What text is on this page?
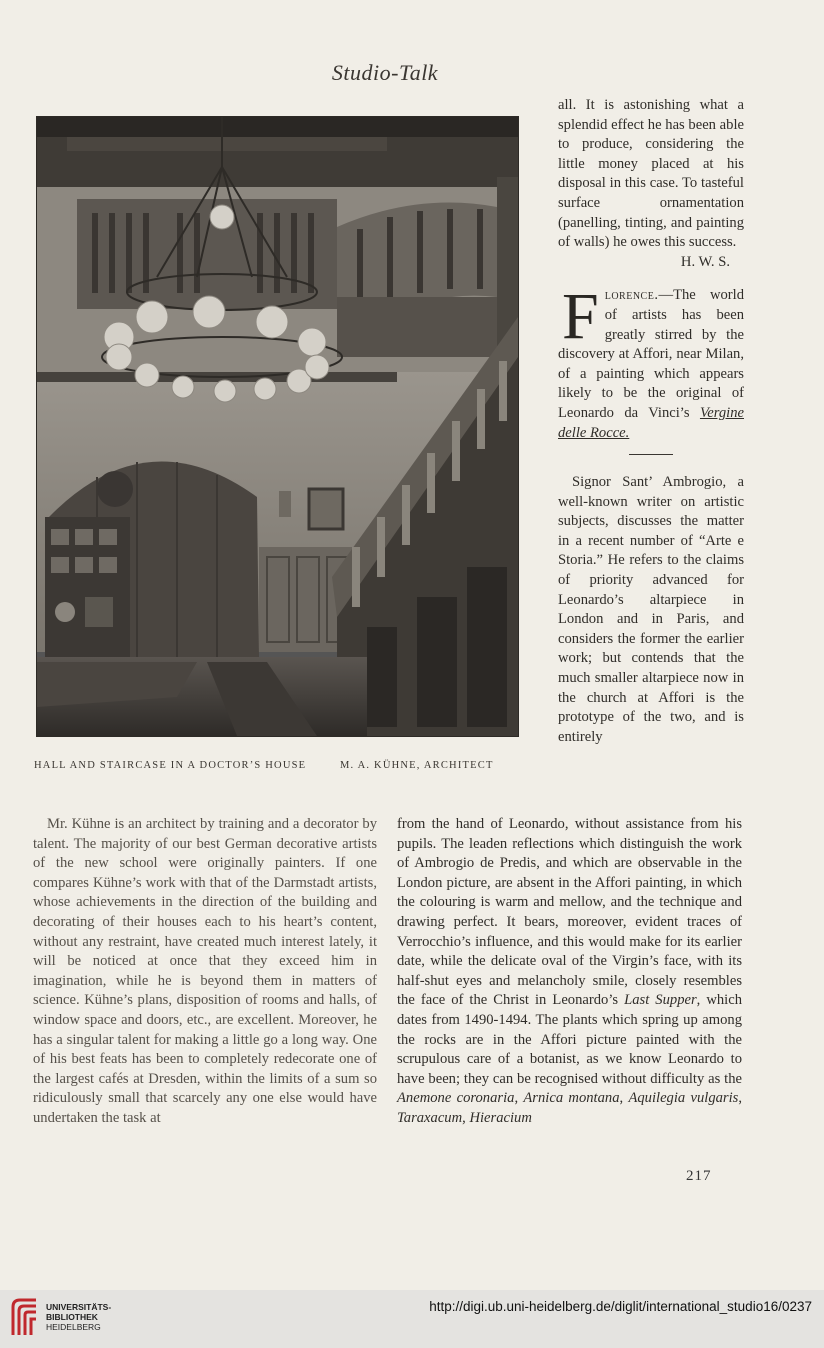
Studio-Talk
HALL AND STAIRCASE IN A DOCTOR’S HOUSE	M. A. KÜHNE, ARCHITECT

all. It is astonishing what a splendid effect he has been able to produce, considering the little money placed at his disposal in this case. To tasteful surface ornamentation (panelling, tinting, and painting of walls) he owes this success.

H. W. S.

Florence.—The world of artists has been greatly stirred by the discovery at Affori, near Milan, of a painting which appears likely to be the original of Leonardo da Vinci’s Vergine delle Rocce.

Signor Sant’ Ambrogio, a well-known writer on artistic subjects, discusses the matter in a recent number of “Arte e Storia.” He refers to the claims of priority advanced for Leonardo’s altarpiece in London and in Paris, and considers the former the earlier work; but contends that the much smaller altarpiece now in the church at Affori is the prototype of the two, and is entirely

Mr. Kühne is an architect by training and a decorator by talent. The majority of our best German decorative artists of the new school were originally painters. If one compares Kühne’s work with that of the Darmstadt artists, whose achievements in the direction of the building and decorating of their houses each to his heart’s content, without any restraint, have created much interest lately, it will be noticed at once that they exceed him in imagination, while he is beyond them in matters of science. Kühne’s plans, disposition of rooms and halls, of window space and doors, etc., are excellent. Moreover, he has a singular talent for making a little go a long way. One of his best feats has been to completely redecorate one of the largest cafés at Dresden, within the limits of a sum so ridiculously small that scarcely any one else would have undertaken the task at

from the hand of Leonardo, without assistance from his pupils. The leaden reflections which distinguish the work of Ambrogio de Predis, and which are observable in the London picture, are absent in the Affori painting, in which the colouring is warm and mellow, and the technique and drawing perfect. It bears, moreover, evident traces of Verrocchio’s influence, and this would make for its earlier date, while the delicate oval of the Virgin’s face, with its half-shut eyes and melancholy smile, closely resembles the face of the Christ in Leonardo’s Last Supper, which dates from 1490-1494. The plants which spring up among the rocks are in the Affori picture painted with the scrupulous care of a botanist, as we know Leonardo to have been; they can be recognised without difficulty as the Anemone coronaria, Arnica montana, Aquilegia vulgaris, Taraxacum, Hieracium

217
UNIVERSITÄTS-
BIBLIOTHEK
HEIDELBERG
http://digi.ub.uni-heidelberg.de/diglit/international_studio16/0237
